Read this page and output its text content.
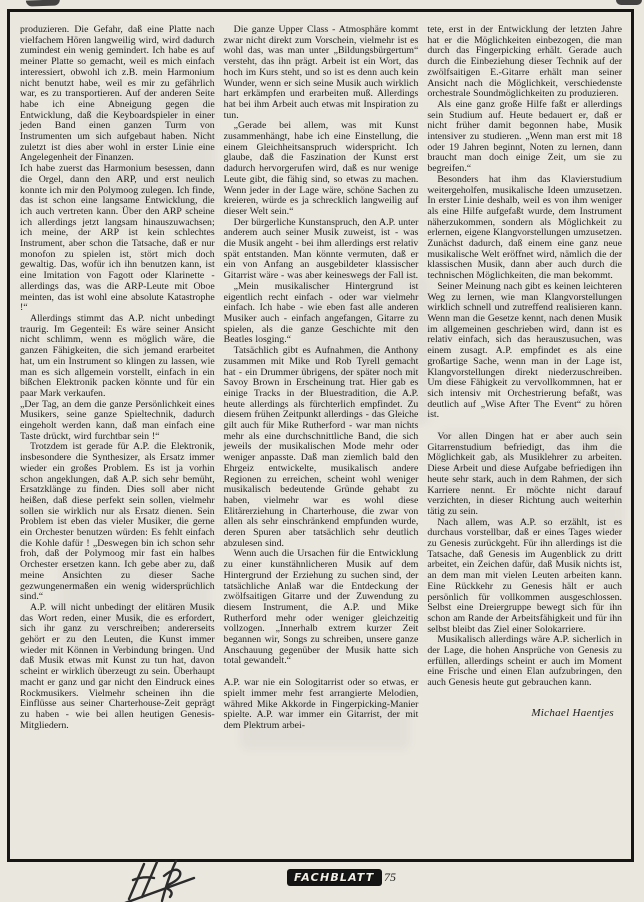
produzieren. Die Gefahr, daß eine Platte nach vielfachem Hören langweilig wird, wird dadurch zumindest ein wenig gemindert. Ich habe es auf meiner Platte so gemacht, weil es mich einfach interessiert, obwohl ich z.B. mein Harmonium nicht benutzt habe, weil es mir zu gefährlich war, es zu transportieren. Auf der anderen Seite habe ich eine Abneigung gegen die Entwicklung, daß die Keyboardspieler in einer jeden Band einen ganzen Turm von Instrumenten um sich aufgebaut haben. Nicht zuletzt ist dies aber wohl in erster Linie eine Angelegenheit der Finanzen.

Ich habe zuerst das Harmonium besessen, dann die Orgel, dann den ARP, und erst neulich konnte ich mir den Polymoog zulegen. Ich finde, das ist schon eine langsame Entwicklung, die ich auch vertreten kann. Über den ARP scheine ich allerdings jetzt langsam hinauszuwachsen; ich meine, der ARP ist kein schlechtes Instrument, aber schon die Tatsache, daß er nur monofon zu spielen ist, stört mich doch gewaltig. Das, wofür ich ihn benutzen kann, ist eine Imitation von Fagott oder Klarinette - allerdings das, was die ARP-Leute mit Oboe meinten, das ist wohl eine absolute Katastrophe !“

Allerdings stimmt das A.P. nicht unbedingt traurig. Im Gegenteil: Es wäre seiner Ansicht nicht schlimm, wenn es möglich wäre, die ganzen Fähigkeiten, die sich jemand erarbeitet hat, um ein Instrument so klingen zu lassen, wie man es sich allgemein vorstellt, einfach in ein bißchen Elektronik packen könnte und für ein paar Mark verkaufen.

„Der Tag, an dem die ganze Persönlichkeit eines Musikers, seine ganze Spieltechnik, dadurch eingeholt werden kann, daß man einfach eine Taste drückt, wird furchtbar sein !“

Trotzdem ist gerade für A.P. die Elektronik, insbesondere die Synthesizer, als Ersatz immer wieder ein großes Problem. Es ist ja vorhin schon angeklungen, daß A.P. sich sehr bemüht, Ersatzklänge zu finden. Dies soll aber nicht heißen, daß diese perfekt sein sollen, vielmehr sollen sie wirklich nur als Ersatz dienen. Sein Problem ist eben das vieler Musiker, die gerne ein Orchester benutzen würden: Es fehlt einfach die Kohle dafür ! „Deswegen bin ich schon sehr froh, daß der Polymoog mir fast ein halbes Orchester ersetzen kann. Ich gebe aber zu, daß meine Ansichten zu dieser Sache gezwungenermaßen ein wenig widersprüchlich sind.“

A.P. will nicht unbedingt der elitären Musik das Wort reden, einer Musik, die es erfordert, sich ihr ganz zu verschreiben; andererseits gehört er zu den Leuten, die Kunst immer wieder mit Können in Verbindung bringen. Und daß Musik etwas mit Kunst zu tun hat, davon scheint er wirklich überzeugt zu sein. Überhaupt macht er ganz und gar nicht den Eindruck eines Rockmusikers. Vielmehr scheinen ihn die Einflüsse aus seiner Charterhouse-Zeit geprägt zu haben - wie bei allen heutigen Genesis-Mitgliedern.

Die ganze Upper Class - Atmosphäre kommt zwar nicht direkt zum Vorschein, vielmehr ist es wohl das, was man unter „Bildungsbürgertum“ versteht, das ihn prägt. Arbeit ist ein Wort, das hoch im Kurs steht, und so ist es denn auch kein Wunder, wenn er sich seine Musik auch wirklich hart erkämpfen und erarbeiten muß. Allerdings hat bei ihm Arbeit auch etwas mit Inspiration zu tun.

„Gerade bei allem, was mit Kunst zusammenhängt, habe ich eine Einstellung, die einem Gleichheitsanspruch widerspricht. Ich glaube, daß die Faszination der Kunst erst dadurch hervorgerufen wird, daß es nur wenige Leute gibt, die fähig sind, so etwas zu machen. Wenn jeder in der Lage wäre, schöne Sachen zu kreieren, würde es ja schrecklich langweilig auf dieser Welt sein.“

Der bürgerliche Kunstanspruch, den A.P. unter anderem auch seiner Musik zuweist, ist - was die Musik angeht - bei ihm allerdings erst relativ spät entstanden. Man könnte vermuten, daß er ein von Anfang an ausgebildeter klassischer Gitarrist wäre - was aber keineswegs der Fall ist.

„Mein musikalischer Hintergrund ist eigentlich recht einfach - oder war vielmehr einfach. Ich habe - wie eben fast alle anderen Musiker auch - einfach angefangen, Gitarre zu spielen, als die ganze Geschichte mit den Beatles losging.“

Tatsächlich gibt es Aufnahmen, die Anthony zusammen mit Mike und Rob Tyrell gemacht hat - ein Drummer übrigens, der später noch mit Savoy Brown in Erscheinung trat. Hier gab es einige Tracks in der Bluestradition, die A.P. heute allerdings als fürchterlich empfindet. Zu diesem frühen Zeitpunkt allerdings - das Gleiche gilt auch für Mike Rutherford - war man nichts mehr als eine durchschnittliche Band, die sich jeweils der musikalischen Mode mehr oder weniger anpasste. Daß man ziemlich bald den Ehrgeiz entwickelte, musikalisch andere Regionen zu erreichen, scheint wohl weniger musikalisch bedeutende Gründe gehabt zu haben, vielmehr war es wohl diese Elitärerziehung in Charterhouse, die zwar von allen als sehr einschränkend empfunden wurde, deren Spuren aber tatsächlich sehr deutlich abzulesen sind.

Wenn auch die Ursachen für die Entwicklung zu einer kunstähnlicheren Musik auf dem Hintergrund der Erziehung zu suchen sind, der tatsächliche Anlaß war die Entdeckung der zwölfsaitigen Gitarre und der Zuwendung zu diesem Instrument, die A.P. und Mike Rutherford mehr oder weniger gleichzeitig vollzogen. „Innerhalb extrem kurzer Zeit begannen wir, Songs zu schreiben, unsere ganze Anschauung gegenüber der Musik hatte sich total gewandelt.“

A.P. war nie ein Sologitarrist oder so etwas, er spielt immer mehr fest arrangierte Melodien, währed Mike Akkorde in Fingerpicking-Manier spielte. A.P. war immer ein Gitarrist, der mit dem Plektrum arbei-

tete, erst in der Entwicklung der letzten Jahre hat er die Möglichkeiten einbezogen, die man durch das Fingerpicking erhält. Gerade auch durch die Einbeziehung dieser Technik auf der zwölfsaitigen E.-Gitarre erhält man seiner Ansicht nach die Möglichkeit, verschiedenste orchestrale Soundmöglichkeiten zu produzieren.

Als eine ganz große Hilfe faßt er allerdings sein Studium auf. Heute bedauert er, daß er nicht früher damit begonnen habe, Musik intensiver zu studieren. „Wenn man erst mit 18 oder 19 Jahren beginnt, Noten zu lernen, dann braucht man doch einige Zeit, um sie zu begreifen.“

Besonders hat ihm das Klavierstudium weitergeholfen, musikalische Ideen umzusetzen. In erster Linie deshalb, weil es von ihm weniger als eine Hilfe aufgefaßt wurde, dem Instrument näherzukommen, sondern als Möglichkeit zu erlernen, eigene Klangvorstellungen umzusetzen. Zunächst dadurch, daß einem eine ganz neue musikalische Welt eröffnet wird, nämlich die der klassischen Musik, dann aber auch durch die technischen Möglichkeiten, die man bekommt.

Seiner Meinung nach gibt es keinen leichteren Weg zu lernen, wie man Klangvorstellungen wirklich schnell und zutreffend realisieren kann. Wenn man die Gesetze kennt, nach denen Musik im allgemeinen geschrieben wird, dann ist es relativ einfach, sich das herauszusuchen, was einem zusagt. A.P. empfindet es als eine großartige Sache, wenn man in der Lage ist, Klangvorstellungen direkt niederzuschreiben. Um diese Fähigkeit zu vervollkommnen, hat er sich intensiv mit Orchestrierung befaßt, was deutlich auf „Wise After The Event“ zu hören ist.

Vor allen Dingen hat er aber auch sein Gitarrenstudium befriedigt, das ihm die Möglichkeit gab, als Musiklehrer zu arbeiten. Diese Arbeit und diese Aufgabe befriedigen ihn heute sehr stark, auch in dem Rahmen, der sich Karriere nennt. Er möchte nicht darauf verzichten, in dieser Richtung auch weiterhin tätig zu sein.

Nach allem, was A.P. so erzählt, ist es durchaus vorstellbar, daß er eines Tages wieder zu Genesis zurückgeht. Für ihn allerdings ist die Tatsache, daß Genesis im Augenblick zu dritt arbeitet, ein Zeichen dafür, daß Musik nichts ist, an dem man mit vielen Leuten arbeiten kann. Eine Rückkehr zu Genesis hält er auch persönlich für vollkommen ausgeschlossen. Selbst eine Dreiergruppe bewegt sich für ihn schon am Rande der Arbeitsfähigkeit und für ihn selbst bleibt das Ziel einer Solokarriere.

Musikalisch allerdings wäre A.P. sicherlich in der Lage, die hohen Ansprüche von Genesis zu erfüllen, allerdings scheint er auch im Moment eine Frische und einen Elan aufzubringen, den auch Genesis heute gut gebrauchen kann.

Michael Haentjes
FACHBLATT 75
